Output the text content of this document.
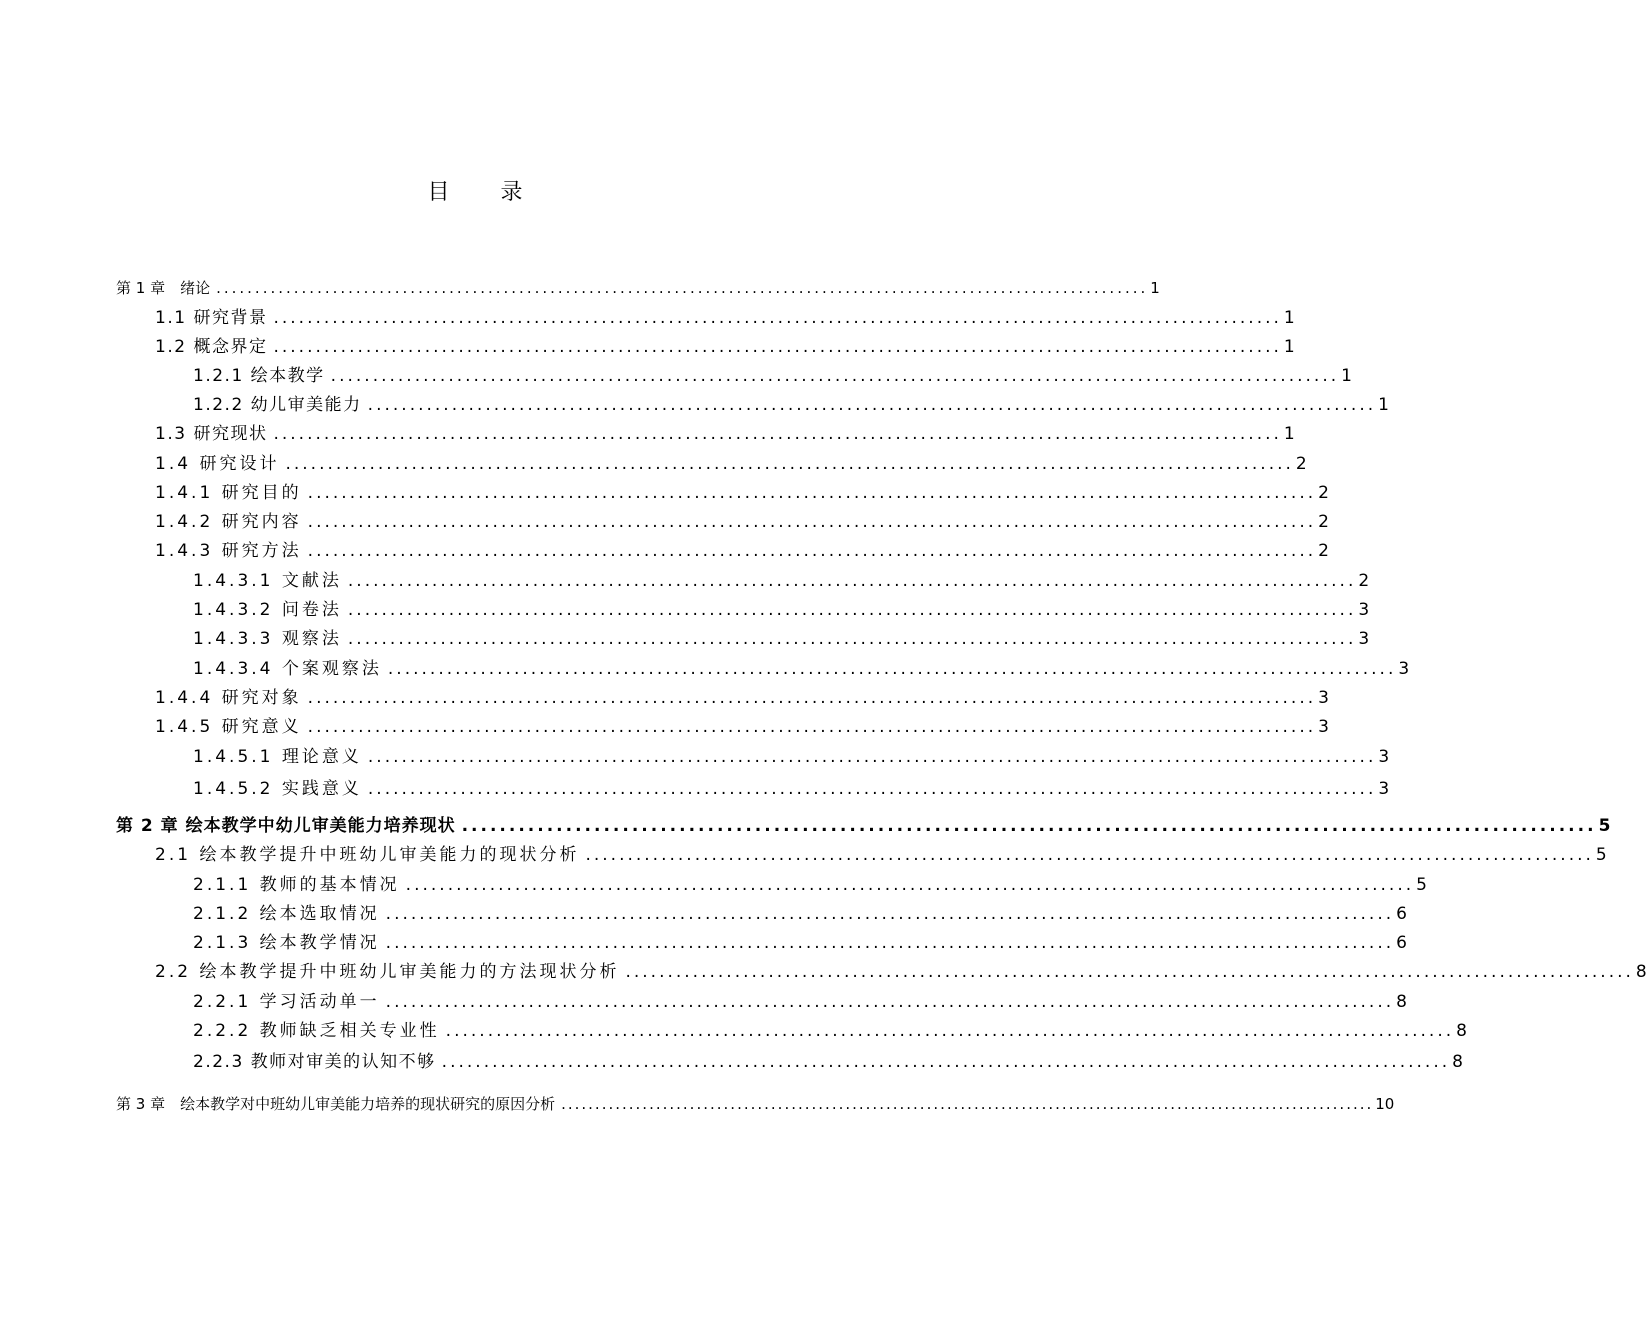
目 录
第 1 章　绪论 ........................................................................................................................ 1
1.1 研究背景 ........................................................................................................................ 1
1.2 概念界定 ........................................................................................................................ 1
1.2.1 绘本教学 ........................................................................................................................ 1
1.2.2 幼儿审美能力 ........................................................................................................................ 1
1.3 研究现状 ........................................................................................................................ 1
1.4 研究设计 ........................................................................................................................ 2
1.4.1 研究目的 ........................................................................................................................ 2
1.4.2 研究内容 ........................................................................................................................ 2
1.4.3 研究方法 ........................................................................................................................ 2
1.4.3.1 文献法 ........................................................................................................................ 2
1.4.3.2 问卷法 ........................................................................................................................ 3
1.4.3.3 观察法 ........................................................................................................................ 3
1.4.3.4 个案观察法 ........................................................................................................................ 3
1.4.4 研究对象 ........................................................................................................................ 3
1.4.5 研究意义 ........................................................................................................................ 3
1.4.5.1 理论意义 ........................................................................................................................ 3
1.4.5.2 实践意义 ........................................................................................................................ 3
第 2 章 绘本教学中幼儿审美能力培养现状 ........................................................................................................................ 5
2.1 绘本教学提升中班幼儿审美能力的现状分析 ........................................................................................................................ 5
2.1.1 教师的基本情况 ........................................................................................................................ 5
2.1.2 绘本选取情况 ........................................................................................................................ 6
2.1.3 绘本教学情况 ........................................................................................................................ 6
2.2 绘本教学提升中班幼儿审美能力的方法现状分析 ........................................................................................................................ 8
2.2.1 学习活动单一 ........................................................................................................................ 8
2.2.2 教师缺乏相关专业性 ........................................................................................................................ 8
2.2.3 教师对审美的认知不够 ........................................................................................................................ 8
第 3 章　绘本教学对中班幼儿审美能力培养的现状研究的原因分析 ........................................................................................................................ 10
